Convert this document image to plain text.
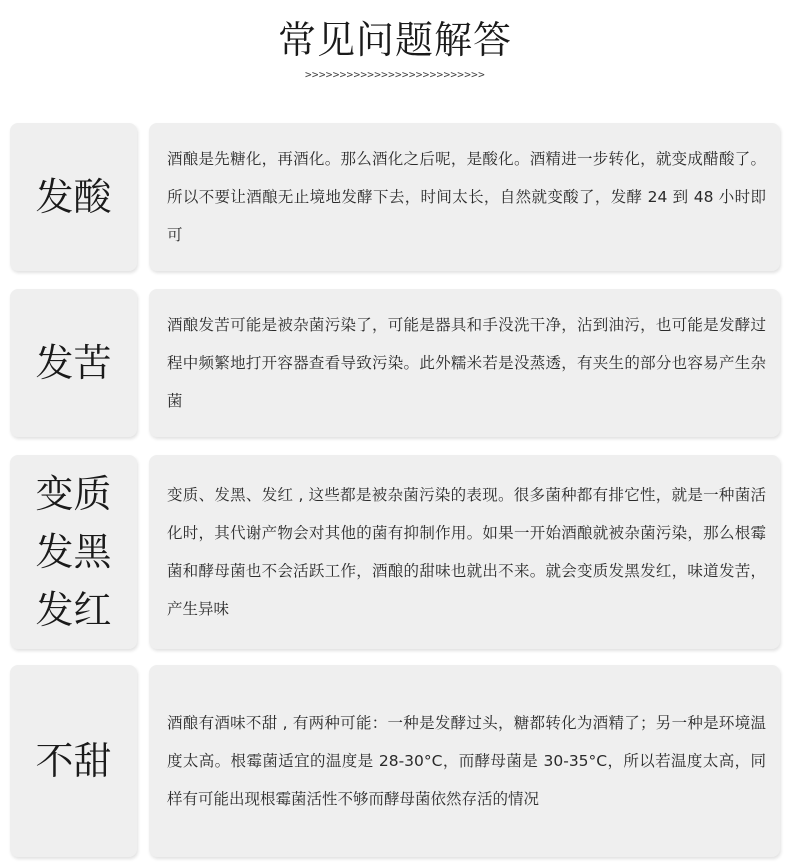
常见问题解答
>>>>>>>>>>>>>>>>>>>>>>>>>>
发酸
酒酿是先糖化，再酒化。那么酒化之后呢，是酸化。酒精进一步转化，就变成醋酸了。所以不要让酒酿无止境地发酵下去，时间太长，自然就变酸了，发酵 24 到 48 小时即可
发苦
酒酿发苦可能是被杂菌污染了，可能是器具和手没洗干净，沾到油污，也可能是发酵过程中频繁地打开容器查看导致污染。此外糯米若是没蒸透，有夹生的部分也容易产生杂菌
变质发黑发红
变质、发黑、发红 , 这些都是被杂菌污染的表现。很多菌种都有排它性，就是一种菌活化时，其代谢产物会对其他的菌有抑制作用。如果一开始酒酿就被杂菌污染，那么根霉菌和酵母菌也不会活跃工作，酒酿的甜味也就出不来。就会变质发黑发红，味道发苦，产生异味
不甜
酒酿有酒味不甜 , 有两种可能：一种是发酵过头，糖都转化为酒精了；另一种是环境温度太高。根霉菌适宜的温度是 28-30°C，而酵母菌是 30-35°C，所以若温度太高，同样有可能出现根霉菌活性不够而酵母菌依然存活的情况
